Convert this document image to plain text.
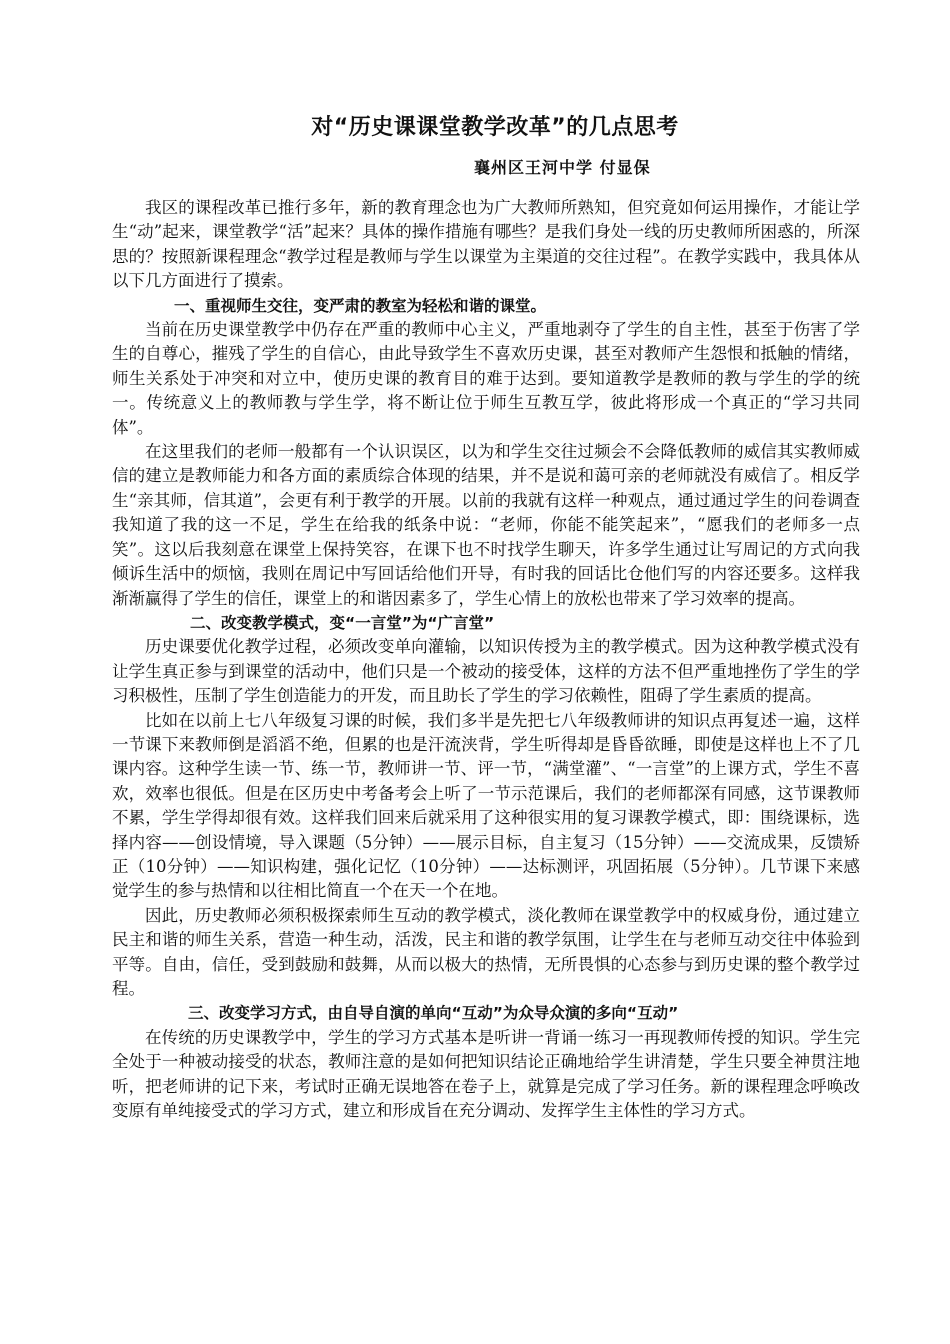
对“历史课课堂教学改革”的几点思考
襄州区王河中学 付显保

我区的课程改革已推行多年，新的教育理念也为广大教师所熟知，但究竟如何运用操作，才能让学生“动”起来，课堂教学“活”起来？具体的操作措施有哪些？是我们身处一线的历史教师所困惑的，所深思的？按照新课程理念“教学过程是教师与学生以课堂为主渠道的交往过程”。在教学实践中，我具体从以下几方面进行了摸索。

一、重视师生交往，变严肃的教室为轻松和谐的课堂。

当前在历史课堂教学中仍存在严重的教师中心主义，严重地剥夺了学生的自主性，甚至于伤害了学生的自尊心，摧残了学生的自信心，由此导致学生不喜欢历史课，甚至对教师产生怨恨和抵触的情绪，师生关系处于冲突和对立中，使历史课的教育目的难于达到。要知道教学是教师的教与学生的学的统一。传统意义上的教师教与学生学，将不断让位于师生互教互学，彼此将形成一个真正的“学习共同体”。

在这里我们的老师一般都有一个认识误区，以为和学生交往过频会不会降低教师的威信其实教师威信的建立是教师能力和各方面的素质综合体现的结果，并不是说和蔼可亲的老师就没有威信了。相反学生“亲其师，信其道”，会更有利于教学的开展。以前的我就有这样一种观点，通过通过学生的问卷调查我知道了我的这一不足，学生在给我的纸条中说：“老师，你能不能笑起来”，“愿我们的老师多一点笑”。这以后我刻意在课堂上保持笑容，在课下也不时找学生聊天，许多学生通过让写周记的方式向我倾诉生活中的烦恼，我则在周记中写回话给他们开导，有时我的回话比仓他们写的内容还要多。这样我渐渐赢得了学生的信任，课堂上的和谐因素多了，学生心情上的放松也带来了学习效率的提高。

二、改变教学模式，变“一言堂”为“广言堂”

历史课要优化教学过程，必须改变单向灌输，以知识传授为主的教学模式。因为这种教学模式没有让学生真正参与到课堂的活动中，他们只是一个被动的接受体，这样的方法不但严重地挫伤了学生的学习积极性，压制了学生创造能力的开发，而且助长了学生的学习依赖性，阻碍了学生素质的提高。

比如在以前上七八年级复习课的时候，我们多半是先把七八年级教师讲的知识点再复述一遍，这样一节课下来教师倒是滔滔不绝，但累的也是汗流浃背，学生听得却是昏昏欲睡，即使是这样也上不了几课内容。这种学生读一节、练一节，教师讲一节、评一节，“满堂灌”、“一言堂”的上课方式，学生不喜欢，效率也很低。但是在区历史中考备考会上听了一节示范课后，我们的老师都深有同感，这节课教师不累，学生学得却很有效。这样我们回来后就采用了这种很实用的复习课教学模式，即：围绕课标，选择内容——创设情境，导入课题（5分钟）——展示目标，自主复习（15分钟）——交流成果，反馈矫正（10分钟）——知识构建，强化记忆（10分钟）——达标测评，巩固拓展（5分钟）。几节课下来感觉学生的参与热情和以往相比简直一个在天一个在地。

因此，历史教师必须积极探索师生互动的教学模式，淡化教师在课堂教学中的权威身份，通过建立民主和谐的师生关系，营造一种生动，活泼，民主和谐的教学氛围，让学生在与老师互动交往中体验到平等。自由，信任，受到鼓励和鼓舞，从而以极大的热情，无所畏惧的心态参与到历史课的整个教学过程。

三、改变学习方式，由自导自演的单向“互动”为众导众演的多向“互动”

在传统的历史课教学中，学生的学习方式基本是听讲一背诵一练习一再现教师传授的知识。学生完全处于一种被动接受的状态，教师注意的是如何把知识结论正确地给学生讲清楚，学生只要全神贯注地听，把老师讲的记下来，考试时正确无误地答在卷子上，就算是完成了学习任务。新的课程理念呼唤改变原有单纯接受式的学习方式，建立和形成旨在充分调动、发挥学生主体性的学习方式。
